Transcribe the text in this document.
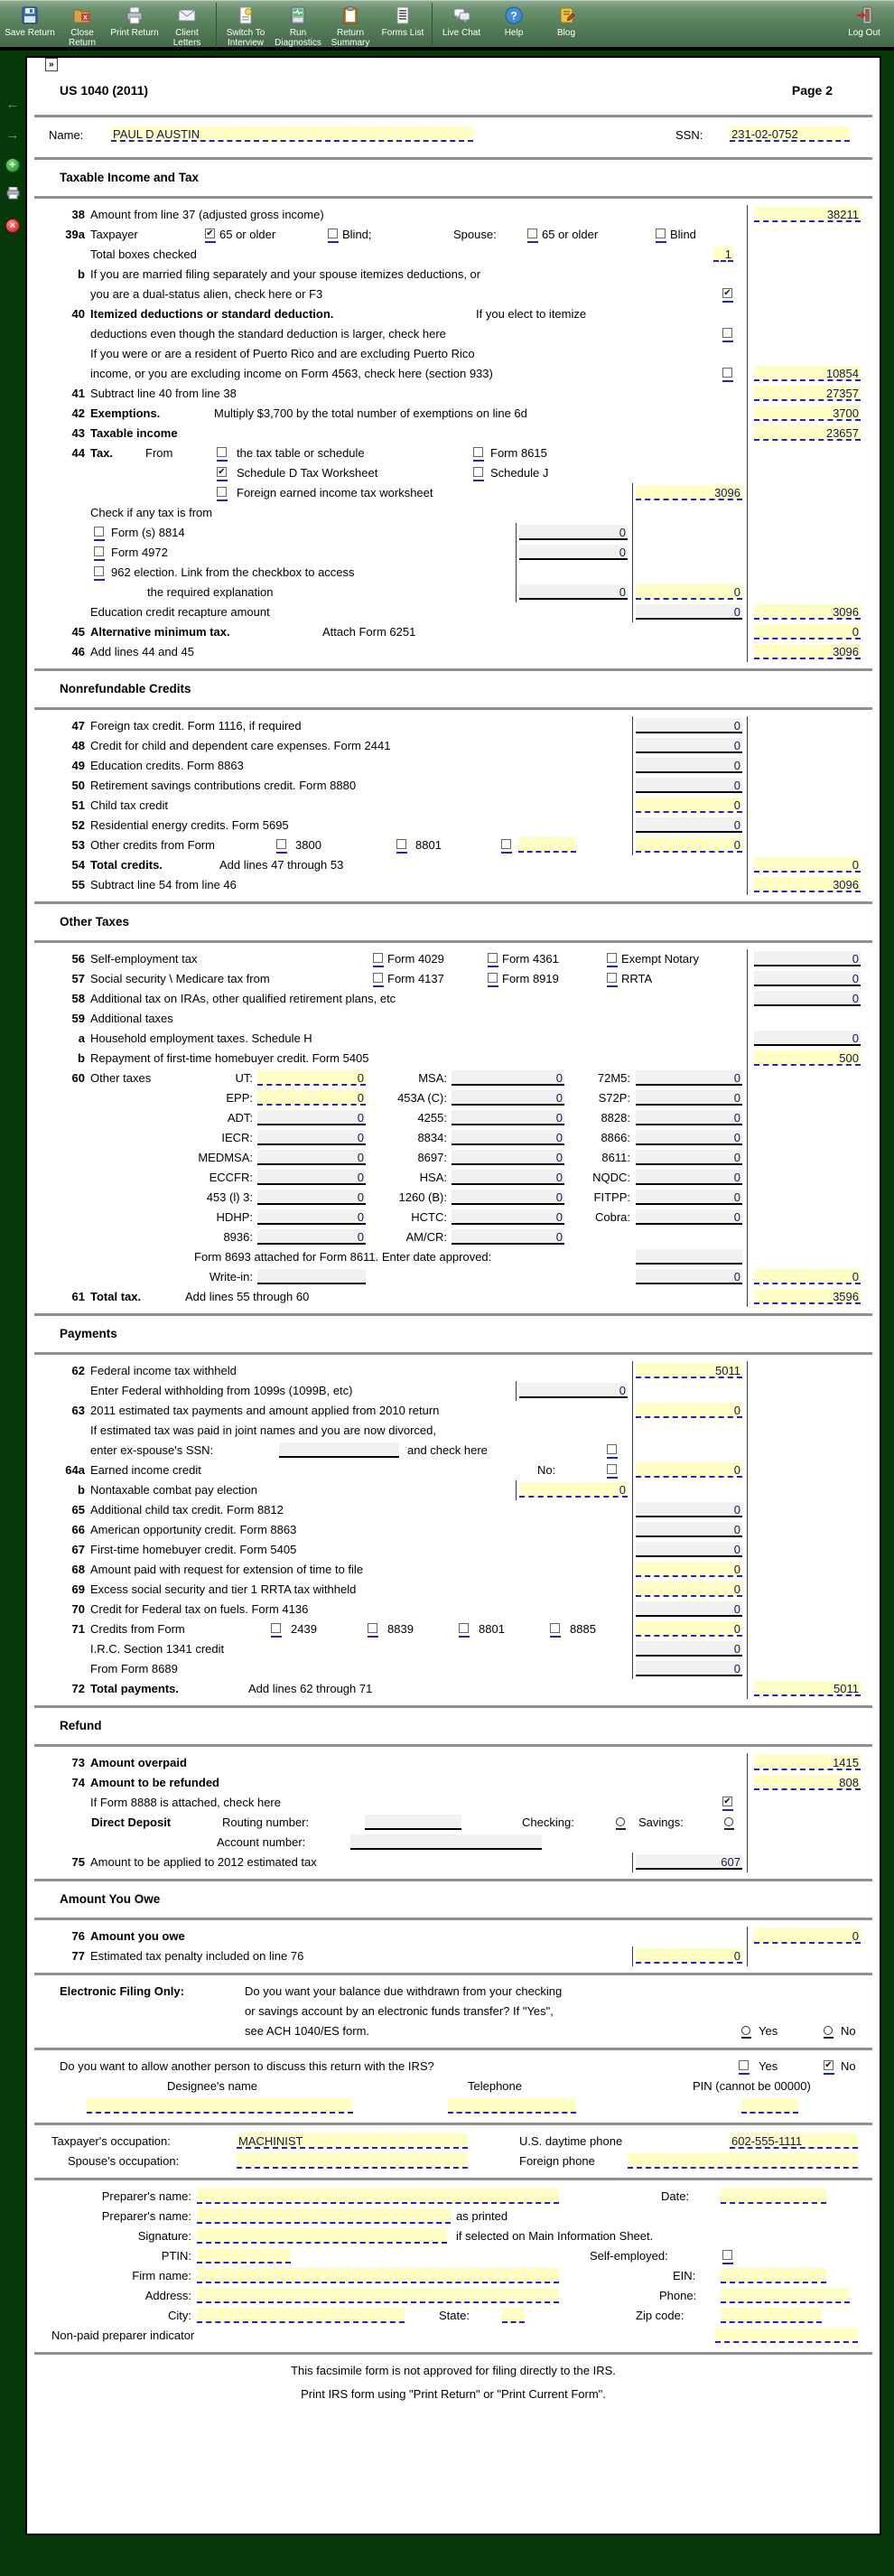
Save Return
x
Close Return
Print Return	Client Letters
Switch To Interview
Run Diagnostics
Return Summary
Forms List Live Chat
?
Help	Blog	Log Out
←
→
+
×
»
US 1040 (2011)	Page 2
Name:	PAUL D AUSTIN	SSN: 231-02-0752
Taxable Income and Tax
38 Amount from line 37 (adjusted gross income)	38211
39a Taxpayer	✔ 65 or older	Blind;	Spouse:	65 or older	Blind
Total boxes checked	1
b If you are married filing separately and your spouse itemizes deductions, or
you are a dual-status alien, check here or F3	✔
40 Itemized deductions or standard deduction.	If you elect to itemize
deductions even though the standard deduction is larger, check here
If you were or are a resident of Puerto Rico and are excluding Puerto Rico
income, or you are excluding income on Form 4563, check here (section 933)	10854
41 Subtract line 40 from line 38	27357
42 Exemptions.	Multiply $3,700 by the total number of exemptions on line 6d	3700
43 Taxable income	23657
44 Tax.	From	the tax table or schedule	Form 8615
✔ Schedule D Tax Worksheet	Schedule J
Foreign earned income tax worksheet	3096
Check if any tax is from
Form (s) 8814	0
Form 4972	0
962 election. Link from the checkbox to access
the required explanation	0	0
Education credit recapture amount	0	3096
45 Alternative minimum tax.	Attach Form 6251	0
46 Add lines 44 and 45	3096
Nonrefundable Credits
47 Foreign tax credit. Form 1116, if required	0
48 Credit for child and dependent care expenses. Form 2441	0
49 Education credits. Form 8863	0
50 Retirement savings contributions credit. Form 8880	0
51 Child tax credit	0
52 Residential energy credits. Form 5695	0
53 Other credits from Form	3800	8801	0
54 Total credits.	Add lines 47 through 53	0
55 Subtract line 54 from line 46	3096
Other Taxes
56 Self-employment tax	Form 4029	Form 4361	Exempt Notary	0
57 Social security \ Medicare tax from	Form 4137	Form 8919	RRTA	0
58 Additional tax on IRAs, other qualified retirement plans, etc	0
59 Additional taxes
a Household employment taxes. Schedule H	0
b Repayment of first-time homebuyer credit. Form 5405	500
60 Other taxes	UT:	0	MSA:	0	72M5:	0
EPP:	0	453A (C):	0	S72P:	0
ADT:	0	4255:	0	8828:	0
IECR:	0	8834:	0	8866:	0
MEDMSA:	0	8697:	0	8611:	0
ECCFR:	0	HSA:	0	NQDC:	0
453 (l) 3:	0	1260 (B):	0	FITPP:	0
HDHP:	0	HCTC:	0	Cobra:	0
8936:	0	AM/CR:	0
Form 8693 attached for Form 8611. Enter date approved:
Write-in:	0	0
61 Total tax.	Add lines 55 through 60	3596
Payments
62 Federal income tax withheld	5011
Enter Federal withholding from 1099s (1099B, etc)	0
63 2011 estimated tax payments and amount applied from 2010 return	0
If estimated tax was paid in joint names and you are now divorced,
enter ex-spouse's SSN:	and check here
64a Earned income credit	No:	0
b Nontaxable combat pay election	0
65 Additional child tax credit. Form 8812	0
66 American opportunity credit. Form 8863	0
67 First-time homebuyer credit. Form 5405	0
68 Amount paid with request for extension of time to file	0
69 Excess social security and tier 1 RRTA tax withheld	0
70 Credit for Federal tax on fuels. Form 4136	0
71 Credits from Form	2439	8839	8801	8885	0
I.R.C. Section 1341 credit	0
From Form 8689	0
72 Total payments.	Add lines 62 through 71	5011
Refund
73 Amount overpaid	1415
74 Amount to be refunded	808
If Form 8888 is attached, check here	✔
Direct Deposit	Routing number:	Checking:	Savings:
Account number:
75 Amount to be applied to 2012 estimated tax	607
Amount You Owe
76 Amount you owe	0
77 Estimated tax penalty included on line 76	0
Electronic Filing Only:	Do you want your balance due withdrawn from your checking
or savings account by an electronic funds transfer? If "Yes",
see ACH 1040/ES form.	Yes	No
Do you want to allow another person to discuss this return with the IRS?	Yes	✔ No
Designee's name	Telephone	PIN (cannot be 00000)
Taxpayer's occupation:	MACHINIST	U.S. daytime phone	602-555-1111
Spouse's occupation:	Foreign phone
Preparer's name:	Date:
Preparer's name:	as printed
Signature:	if selected on Main Information Sheet.
PTIN:	Self-employed:
Firm name:	EIN:
Address:	Phone:
City:	State:	Zip code:
Non-paid preparer indicator
This facsimile form is not approved for filing directly to the IRS.
Print IRS form using "Print Return" or "Print Current Form".
